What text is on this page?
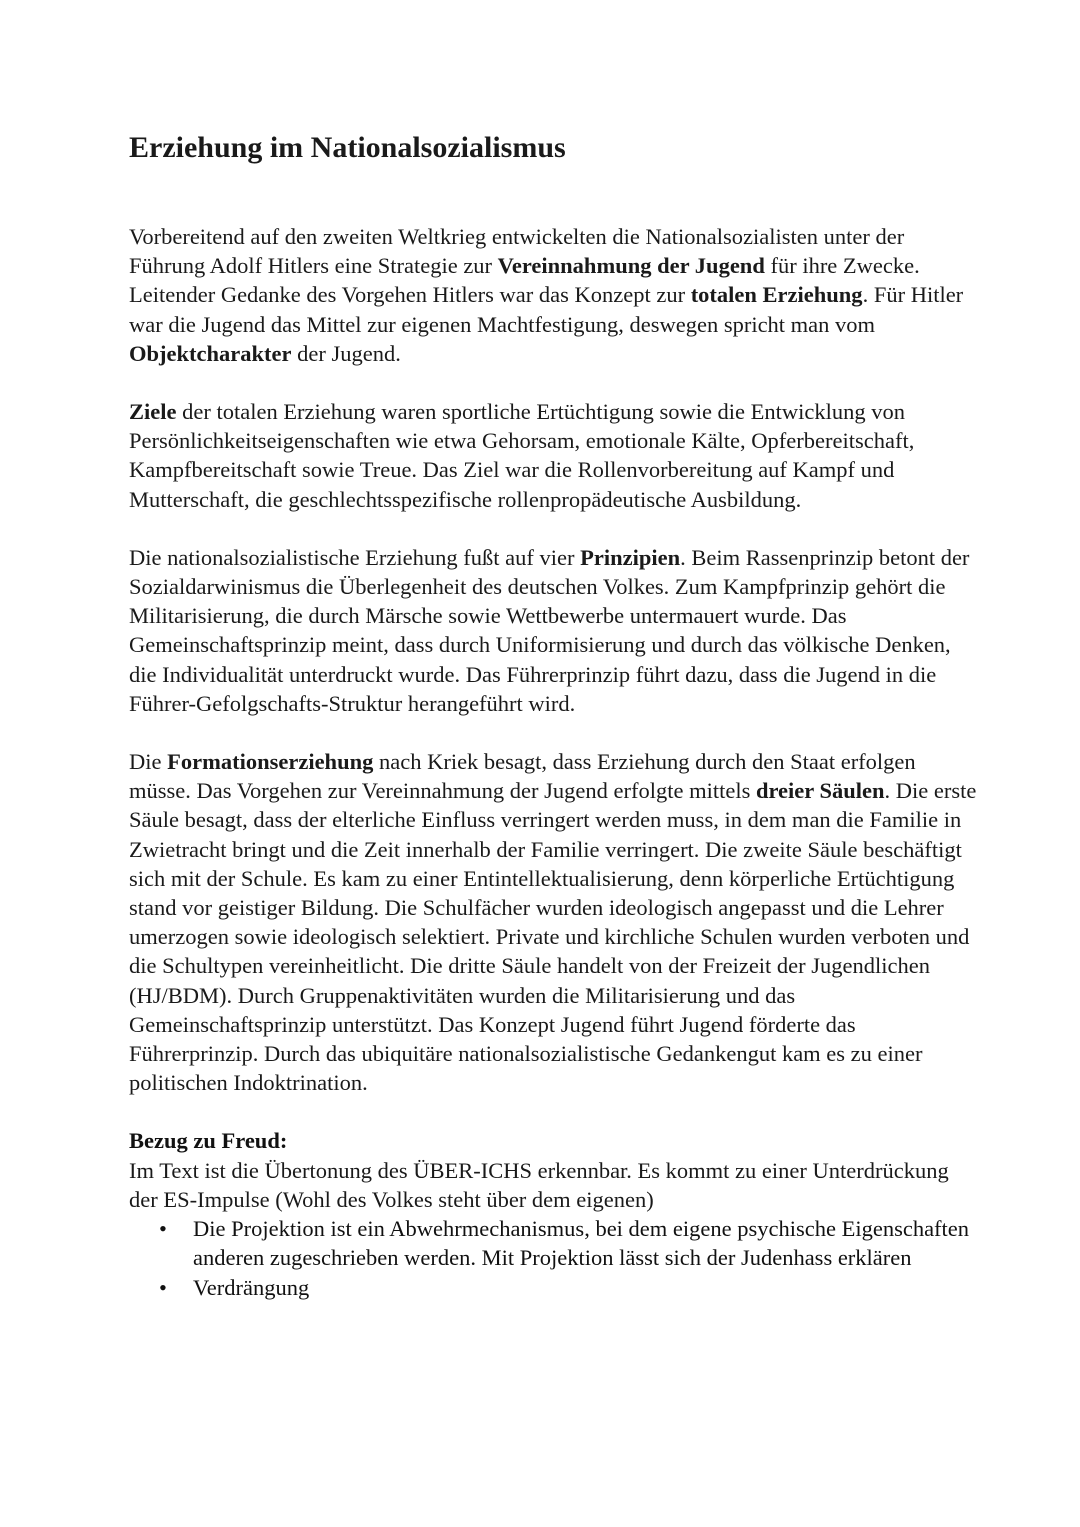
Erziehung im Nationalsozialismus

Vorbereitend auf den zweiten Weltkrieg entwickelten die Nationalsozialisten unter der Führung Adolf Hitlers eine Strategie zur Vereinnahmung der Jugend für ihre Zwecke. Leitender Gedanke des Vorgehen Hitlers war das Konzept zur totalen Erziehung. Für Hitler war die Jugend das Mittel zur eigenen Machtfestigung, deswegen spricht man vom Objektcharakter der Jugend.

Ziele der totalen Erziehung waren sportliche Ertüchtigung sowie die Entwicklung von Persönlichkeitseigenschaften wie etwa Gehorsam, emotionale Kälte, Opferbereitschaft, Kampfbereitschaft sowie Treue. Das Ziel war die Rollenvorbereitung auf Kampf und Mutterschaft, die geschlechtsspezifische rollenpropädeutische Ausbildung.

Die nationalsozialistische Erziehung fußt auf vier Prinzipien. Beim Rassenprinzip betont der Sozialdarwinismus die Überlegenheit des deutschen Volkes. Zum Kampfprinzip gehört die Militarisierung, die durch Märsche sowie Wettbewerbe untermauert wurde. Das Gemeinschaftsprinzip meint, dass durch Uniformisierung und durch das völkische Denken, die Individualität unterdruckt wurde. Das Führerprinzip führt dazu, dass die Jugend in die Führer-Gefolgschafts-Struktur herangeführt wird.

Die Formationserziehung nach Kriek besagt, dass Erziehung durch den Staat erfolgen müsse. Das Vorgehen zur Vereinnahmung der Jugend erfolgte mittels dreier Säulen. Die erste Säule besagt, dass der elterliche Einfluss verringert werden muss, in dem man die Familie in Zwietracht bringt und die Zeit innerhalb der Familie verringert. Die zweite Säule beschäftigt sich mit der Schule. Es kam zu einer Entintellektualisierung, denn körperliche Ertüchtigung stand vor geistiger Bildung. Die Schulfächer wurden ideologisch angepasst und die Lehrer umerzogen sowie ideologisch selektiert. Private und kirchliche Schulen wurden verboten und die Schultypen vereinheitlicht. Die dritte Säule handelt von der Freizeit der Jugendlichen (HJ/BDM). Durch Gruppenaktivitäten wurden die Militarisierung und das Gemeinschaftsprinzip unterstützt. Das Konzept Jugend führt Jugend förderte das Führerprinzip. Durch das ubiquitäre nationalsozialistische Gedankengut kam es zu einer politischen Indoktrination.

Bezug zu Freud:

Im Text ist die Übertonung des ÜBER-ICHS erkennbar. Es kommt zu einer Unterdrückung der ES-Impulse (Wohl des Volkes steht über dem eigenen)

• Die Projektion ist ein Abwehrmechanismus, bei dem eigene psychische Eigenschaften anderen zugeschrieben werden. Mit Projektion lässt sich der Judenhass erklären
• Verdrängung
